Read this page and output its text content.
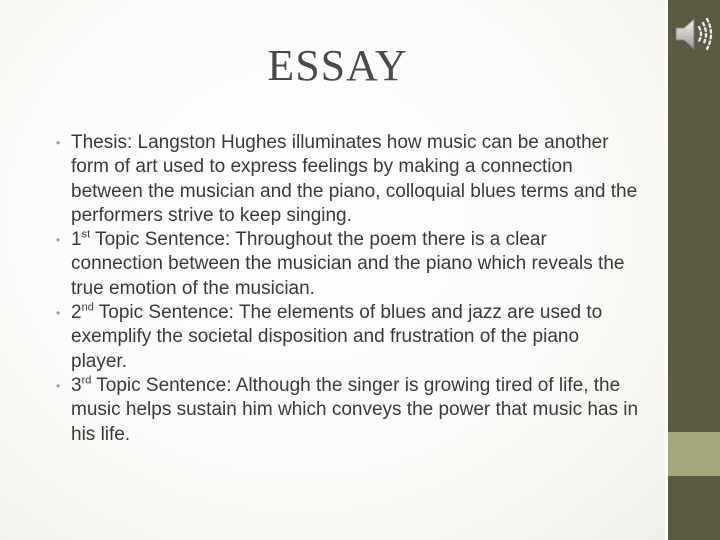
ESSAY
• Thesis: Langston Hughes illuminates how music can be another form of art used to express feelings by making a connection between the musician and the piano, colloquial blues terms and the performers strive to keep singing.
• 1st Topic Sentence: Throughout the poem there is a clear connection between the musician and the piano which reveals the true emotion of the musician.
• 2nd Topic Sentence: The elements of blues and jazz are used to exemplify the societal disposition and frustration of the piano player.
• 3rd Topic Sentence: Although the singer is growing tired of life, the music helps sustain him which conveys the power that music has in his life.
